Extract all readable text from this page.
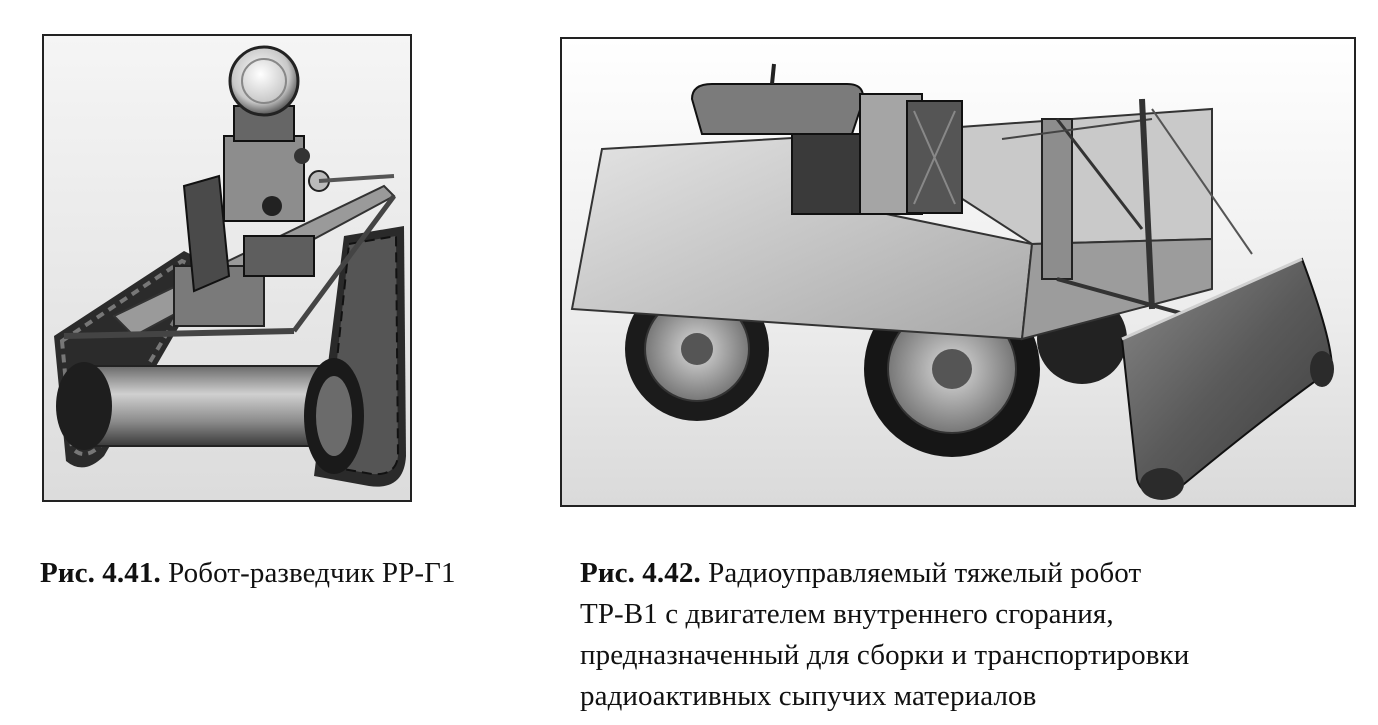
Рис. 4.41. Робот-разведчик РР-Г1	Рис. 4.42. Радиоуправляемый тяжелый робот
ТР-В1 с двигателем внутреннего сгорания,
предназначенный для сборки и транспортировки
радиоактивных сыпучих материалов
